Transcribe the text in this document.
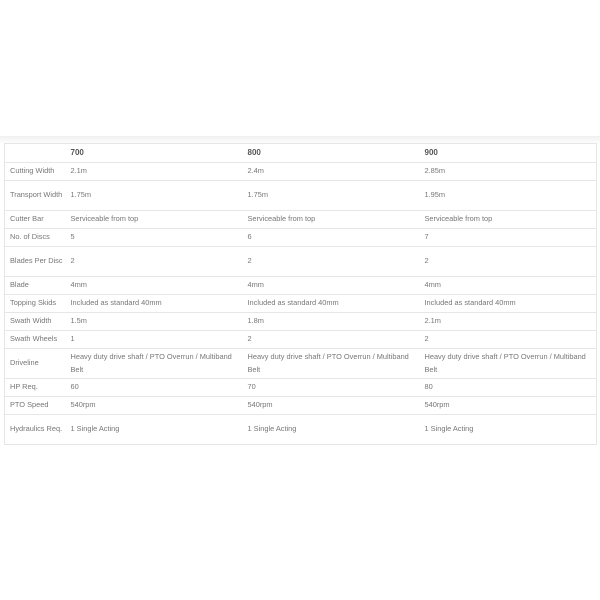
	700	800	900
Cutting Width	2.1m	2.4m	2.85m
Transport Width	1.75m	1.75m	1.95m
Cutter Bar	Serviceable from top	Serviceable from top	Serviceable from top
No. of Discs	5	6	7
Blades Per Disc	2	2	2
Blade	4mm	4mm	4mm
Topping Skids	Included as standard 40mm	Included as standard 40mm	Included as standard 40mm
Swath Width	1.5m	1.8m	2.1m
Swath Wheels	1	2	2
Driveline	Heavy duty drive shaft / PTO Overrun / Multiband Belt	Heavy duty drive shaft / PTO Overrun / Multiband Belt	Heavy duty drive shaft / PTO Overrun / Multiband Belt
HP Req.	60	70	80
PTO Speed	540rpm	540rpm	540rpm
Hydraulics Req.	1 Single Acting	1 Single Acting	1 Single Acting
